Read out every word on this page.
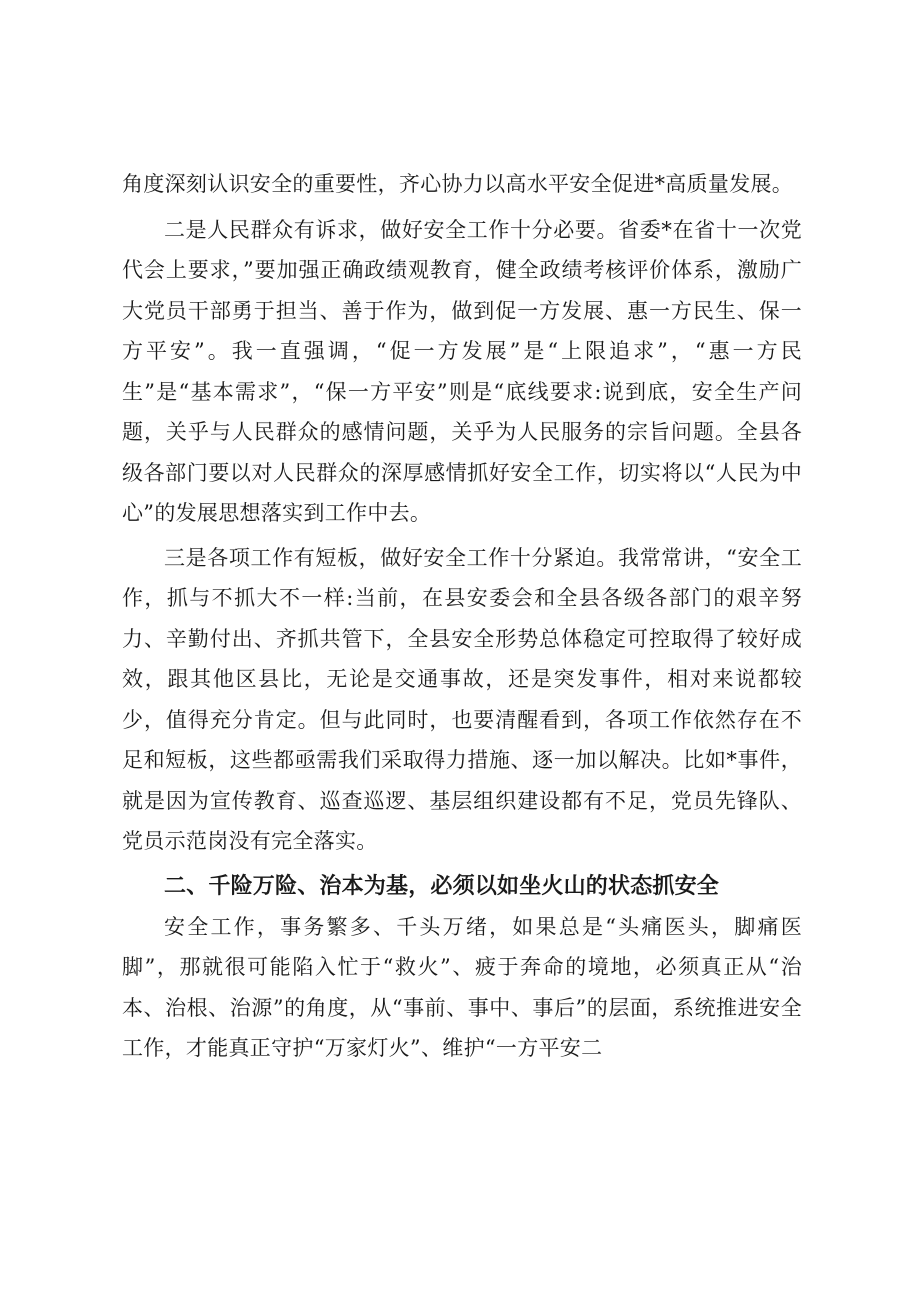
角度深刻认识安全的重要性，齐心协力以高水平安全促进*高质量发展。

二是人民群众有诉求，做好安全工作十分必要。省委*在省十一次党代会上要求，”要加强正确政绩观教育，健全政绩考核评价体系，激励广大党员干部勇于担当、善于作为，做到促一方发展、惠一方民生、保一方平安”。我一直强调，“促一方发展”是“上限追求”，“惠一方民生”是“基本需求”，“保一方平安”则是“底线要求:说到底，安全生产问题，关乎与人民群众的感情问题，关乎为人民服务的宗旨问题。全县各级各部门要以对人民群众的深厚感情抓好安全工作，切实将以“人民为中心”的发展思想落实到工作中去。

三是各项工作有短板，做好安全工作十分紧迫。我常常讲，“安全工作，抓与不抓大不一样:当前，在县安委会和全县各级各部门的艰辛努力、辛勤付出、齐抓共管下，全县安全形势总体稳定可控取得了较好成效，跟其他区县比，无论是交通事故，还是突发事件，相对来说都较少，值得充分肯定。但与此同时，也要清醒看到，各项工作依然存在不足和短板，这些都亟需我们采取得力措施、逐一加以解决。比如*事件，就是因为宣传教育、巡查巡逻、基层组织建设都有不足，党员先锋队、党员示范岗没有完全落实。

二、千险万险、治本为基，必须以如坐火山的状态抓安全

安全工作，事务繁多、千头万绪，如果总是“头痛医头，脚痛医脚”，那就很可能陷入忙于“救火”、疲于奔命的境地，必须真正从“治本、治根、治源”的角度，从“事前、事中、事后”的层面，系统推进安全工作，才能真正守护“万家灯火”、维护“一方平安二
